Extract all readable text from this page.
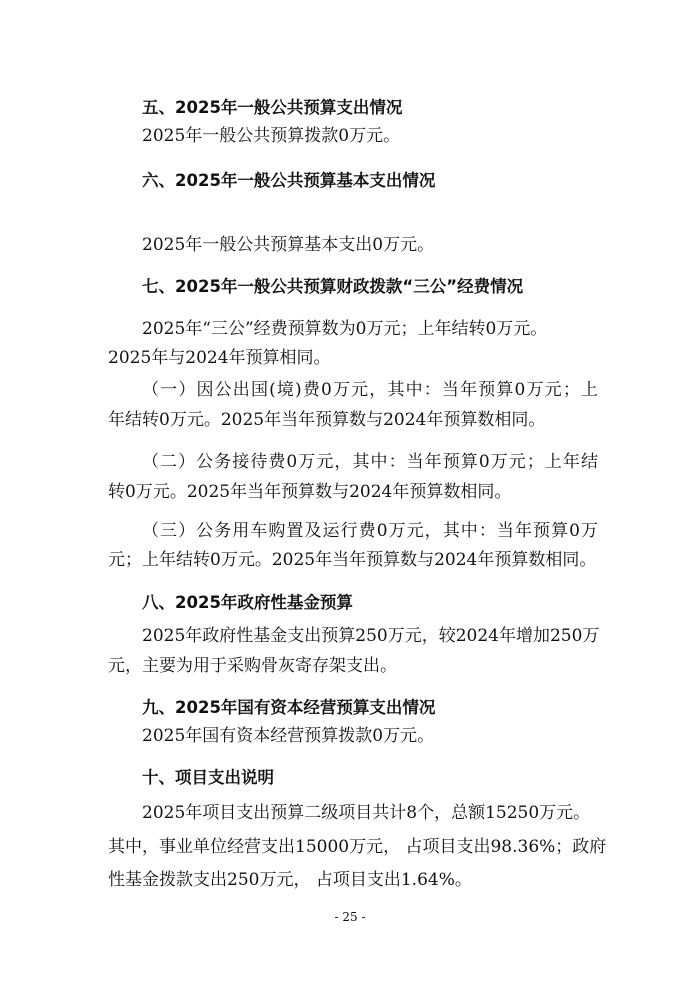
五、2025年一般公共预算支出情况
2025年一般公共预算拨款0万元。
六、2025年一般公共预算基本支出情况
2025年一般公共预算基本支出0万元。
七、2025年一般公共预算财政拨款“三公”经费情况
2025年“三公”经费预算数为0万元；上年结转0万元。
2025年与2024年预算相同。
（一）因公出国(境)费0万元，其中：当年预算0万元；上
年结转0万元。2025年当年预算数与2024年预算数相同。
（二）公务接待费0万元，其中：当年预算0万元；上年结
转0万元。2025年当年预算数与2024年预算数相同。
（三）公务用车购置及运行费0万元，其中：当年预算0万
元；上年结转0万元。2025年当年预算数与2024年预算数相同。
八、2025年政府性基金预算
2025年政府性基金支出预算250万元，较2024年增加250万
元，主要为用于采购骨灰寄存架支出。
九、2025年国有资本经营预算支出情况
2025年国有资本经营预算拨款0万元。
十、项目支出说明
2025年项目支出预算二级项目共计8个，总额15250万元。
其中，事业单位经营支出15000万元， 占项目支出98.36%；政府
性基金拨款支出250万元， 占项目支出1.64%。
- 25 -
